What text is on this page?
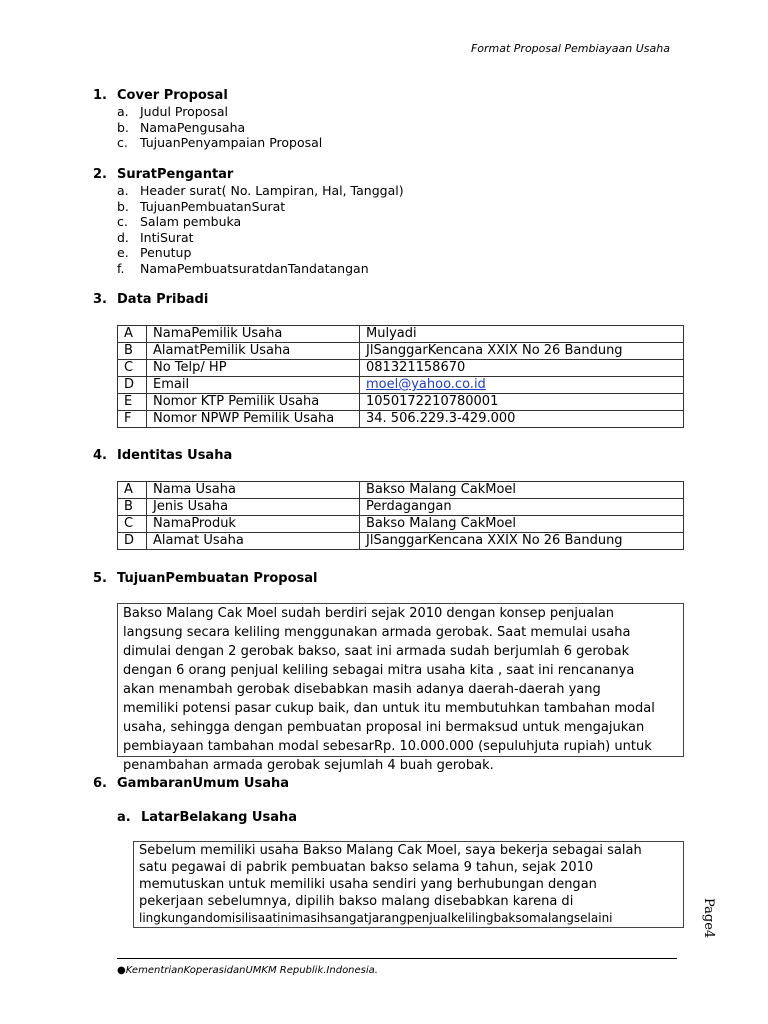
Format Proposal Pembiayaan Usaha
1. Cover Proposal
a. Judul Proposal
b. NamaPengusaha
c. TujuanPenyampaian Proposal
2. SuratPengantar
a. Header surat( No. Lampiran, Hal, Tanggal)
b. TujuanPembuatanSurat
c. Salam pembuka
d. IntiSurat
e. Penutup
f. NamaPembuatsuratdanTandatangan
3. Data Pribadi
A	NamaPemilik Usaha	Mulyadi
B	AlamatPemilik Usaha	JlSanggarKencana XXIX No 26 Bandung
C	No Telp/ HP	081321158670
D	Email	moel@yahoo.co.id
E	Nomor KTP Pemilik Usaha	1050172210780001
F	Nomor NPWP Pemilik Usaha	34. 506.229.3-429.000
4. Identitas Usaha
A	Nama Usaha	Bakso Malang CakMoel
B	Jenis Usaha	Perdagangan
C	NamaProduk	Bakso Malang CakMoel
D	Alamat Usaha	JlSanggarKencana XXIX No 26 Bandung
5. TujuanPembuatan Proposal
Bakso Malang Cak Moel sudah berdiri sejak 2010 dengan konsep penjualan
langsung secara keliling menggunakan armada gerobak. Saat memulai usaha
dimulai dengan 2 gerobak bakso, saat ini armada sudah berjumlah 6 gerobak
dengan 6 orang penjual keliling sebagai mitra usaha kita , saat ini rencananya
akan menambah gerobak disebabkan masih adanya daerah-daerah yang
memiliki potensi pasar cukup baik, dan untuk itu membutuhkan tambahan modal
usaha, sehingga dengan pembuatan proposal ini bermaksud untuk mengajukan
pembiayaan tambahan modal sebesarRp. 10.000.000 (sepuluhjuta rupiah) untuk
penambahan armada gerobak sejumlah 4 buah gerobak.
6. GambaranUmum Usaha
a. LatarBelakang Usaha
Sebelum memiliki usaha Bakso Malang Cak Moel, saya bekerja sebagai salah
satu pegawai di pabrik pembuatan bakso selama 9 tahun, sejak 2010
memutuskan untuk memiliki usaha sendiri yang berhubungan dengan
pekerjaan sebelumnya, dipilih bakso malang disebabkan karena di
lingkungandomisilisaatinimasihsangatjarangpenjualkelilingbaksomalangselaini	Page4
●KementrianKoperasidanUMKM Republik.Indonesia.
